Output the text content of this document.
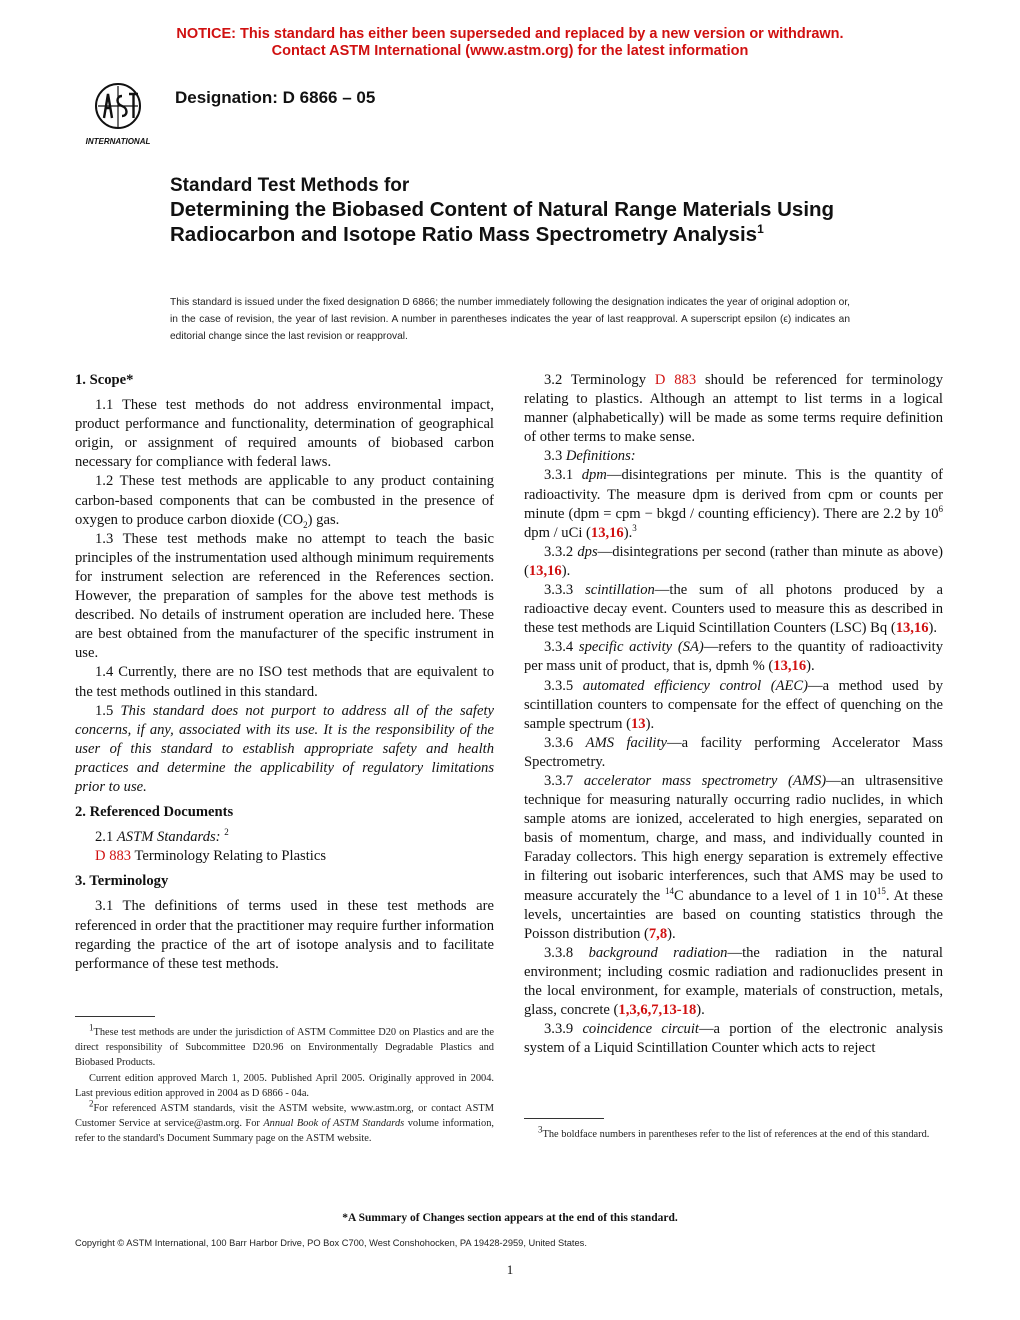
NOTICE: This standard has either been superseded and replaced by a new version or withdrawn.
Contact ASTM International (www.astm.org) for the latest information
INTERNATIONAL
Designation: D 6866 – 05
Standard Test Methods for
Determining the Biobased Content of Natural Range Materials Using Radiocarbon and Isotope Ratio Mass Spectrometry Analysis$^1$
This standard is issued under the fixed designation D 6866; the number immediately following the designation indicates the year of original adoption or, in the case of revision, the year of last revision. A number in parentheses indicates the year of last reapproval. A superscript epsilon (ϵ) indicates an editorial change since the last revision or reapproval.
1. Scope*

1.1 These test methods do not address environmental impact, product performance and functionality, determination of geographical origin, or assignment of required amounts of biobased carbon necessary for compliance with federal laws.

1.2 These test methods are applicable to any product containing carbon-based components that can be combusted in the presence of oxygen to produce carbon dioxide $(CO_2)$ gas.

1.3 These test methods make no attempt to teach the basic principles of the instrumentation used although minimum requirements for instrument selection are referenced in the References section. However, the preparation of samples for the above test methods is described. No details of instrument operation are included here. These are best obtained from the manufacturer of the specific instrument in use.

1.4 Currently, there are no ISO test methods that are equivalent to the test methods outlined in this standard.

1.5 This standard does not purport to address all of the safety concerns, if any, associated with its use. It is the responsibility of the user of this standard to establish appropriate safety and health practices and determine the applicability of regulatory limitations prior to use.

2. Referenced Documents

2.1 ASTM Standards: $^2$

D 883 Terminology Relating to Plastics

3. Terminology

3.1 The definitions of terms used in these test methods are referenced in order that the practitioner may require further information regarding the practice of the art of isotope analysis and to facilitate performance of these test methods.

3.2 Terminology D 883 should be referenced for terminology relating to plastics. Although an attempt to list terms in a logical manner (alphabetically) will be made as some terms require definition of other terms to make sense.

3.3 Definitions:

3.3.1 dpm—disintegrations per minute. This is the quantity of radioactivity. The measure dpm is derived from cpm or counts per minute (dpm = cpm − bkgd / counting efficiency). There are 2.2 by $10^6$ dpm / uCi (13,16).$^3$

3.3.2 dps—disintegrations per second (rather than minute as above) (13,16).

3.3.3 scintillation—the sum of all photons produced by a radioactive decay event. Counters used to measure this as described in these test methods are Liquid Scintillation Counters (LSC) Bq (13,16).

3.3.4 specific activity (SA)—refers to the quantity of radioactivity per mass unit of product, that is, dpmh % (13,16).

3.3.5 automated efficiency control (AEC)—a method used by scintillation counters to compensate for the effect of quenching on the sample spectrum (13).

3.3.6 AMS facility—a facility performing Accelerator Mass Spectrometry.

3.3.7 accelerator mass spectrometry (AMS)—an ultrasensitive technique for measuring naturally occurring radio nuclides, in which sample atoms are ionized, accelerated to high energies, separated on basis of momentum, charge, and mass, and individually counted in Faraday collectors. This high energy separation is extremely effective in filtering out isobaric interferences, such that AMS may be used to measure accurately the $^{14}$C abundance to a level of 1 in $10^{15}$. At these levels, uncertainties are based on counting statistics through the Poisson distribution (7,8).

3.3.8 background radiation—the radiation in the natural environment; including cosmic radiation and radionuclides present in the local environment, for example, materials of construction, metals, glass, concrete (1,3,6,7,13-18).

3.3.9 coincidence circuit—a portion of the electronic analysis system of a Liquid Scintillation Counter which acts to reject

$^1$These test methods are under the jurisdiction of ASTM Committee D20 on Plastics and are the direct responsibility of Subcommittee D20.96 on Environmentally Degradable Plastics and Biobased Products.

Current edition approved March 1, 2005. Published April 2005. Originally approved in 2004. Last previous edition approved in 2004 as D 6866 - 04a.

$^2$For referenced ASTM standards, visit the ASTM website, www.astm.org, or contact ASTM Customer Service at service@astm.org. For Annual Book of ASTM Standards volume information, refer to the standard's Document Summary page on the ASTM website.

$^3$The boldface numbers in parentheses refer to the list of references at the end of this standard.

*A Summary of Changes section appears at the end of this standard.
Copyright © ASTM International, 100 Barr Harbor Drive, PO Box C700, West Conshohocken, PA 19428-2959, United States.
1
